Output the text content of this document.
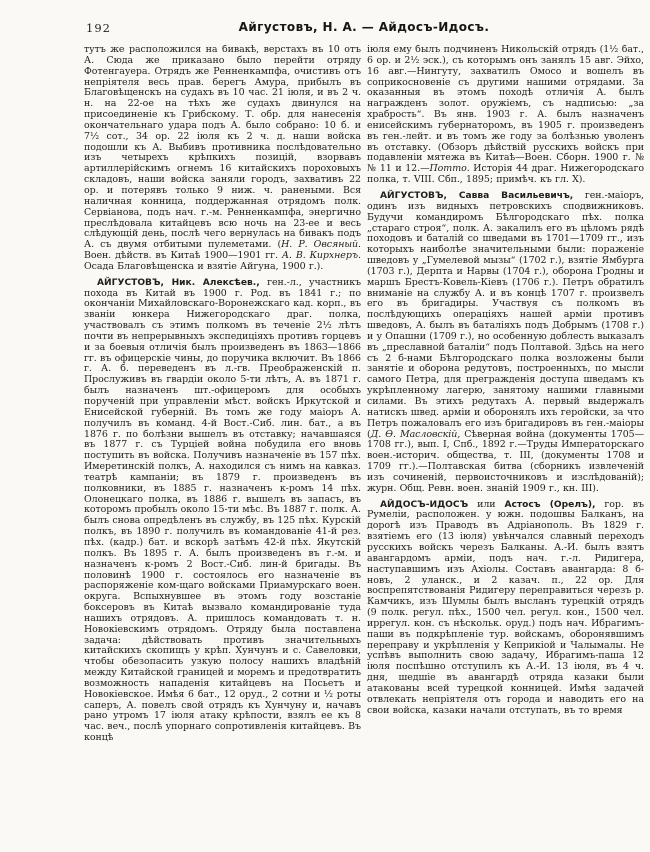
192	Айгустовъ, Н. А. — Айдосъ-Идосъ.

тутъ же расположился на бивакѣ, верстахъ въ 10 отъ А. Сюда же приказано было перейти отряду Фотенгауера. Отрядъ же Ренненкампфа, очистивъ отъ непріятеля весь прав. берегъ Амура, прибылъ въ Благовѣщенскъ на судахъ въ 10 час. 21 іюля, и въ 2 ч. н. на 22-ое на тѣхъ же судахъ двинулся на присоединеніе къ Грибскому. Т. обр. для нанесенія окончательнаго удара подъ А. было собрано: 10 б. и 7½ сот., 34 ор. 22 іюля къ 2 ч. д. наши войска подошли къ А. Выбивъ противника послѣдовательно изъ четырехъ крѣпкихъ позицій, взорвавъ артиллерійскимъ огнемъ 16 китайскихъ пороховыхъ складовъ, наши войска заняли городъ, захвативъ 22 ор. и потерявъ только 9 ниж. ч. ранеными. Вся наличная конница, поддержанная отрядомъ полк. Сервіанова, подъ нач. г.-м. Ренненкампфа, энергично преслѣдовала китайцевъ всю ночь на 23-ее и весь слѣдующій день, послѣ чего вернулась на бивакъ подъ А. съ двумя отбитыми пулеметами. (Н. Р. Овсяный. Воен. дѣйств. въ Китаѣ 1900—1901 гг. А. В. Кирхнеръ. Осада Благовѣщенска и взятіе Айгуна, 1900 г.).

АЙГУСТОВЪ, Ник. Алексѣев., ген.-л., участникъ похода въ Китай въ 1900 г. Род. въ 1841 г.; по окончаніи Михайловскаго-Воронежскаго кад. корп., въ званіи юнкера Нижегородскаго драг. полка, участвовалъ съ этимъ полкомъ въ теченіе 2½ лѣтъ почти въ непрерывныхъ экспедиціяхъ противъ горцевъ и за боевыя отличія былъ произведенъ въ 1863—1866 гг. въ офицерскіе чины, до поручика включит. Въ 1866 г. А. б. переведенъ въ л.-гв. Преображенскій п. Прослуживъ въ гвардіи около 5-ти лѣтъ, А. въ 1871 г. былъ назначенъ шт.-офицеромъ для особыхъ порученій при управленіи мѣст. войскъ Иркутской и Енисейской губерній. Въ томъ же году маіоръ А. получилъ въ команд. 4-й Вост.-Сиб. лин. бат., а въ 1876 г. по болѣзни вышелъ въ отставку; начавшаяся въ 1877 г. съ Турціей война побудила его вновь поступить въ войска. Получивъ назначеніе въ 157 пѣх. Имеретинскій полкъ, А. находился съ нимъ на кавказ. театрѣ кампаніи; въ 1879 г. произведенъ въ полковники, въ 1885 г. назначенъ к-ромъ 14 пѣх. Олонецкаго полка, въ 1886 г. вышелъ въ запасъ, въ которомъ пробылъ около 15-ти мѣс. Въ 1887 г. полк. А. былъ снова опредѣленъ въ службу, въ 125 пѣх. Курскій полкъ, въ 1890 г. получилъ въ командованіе 41-й рез. пѣх. (кадр.) бат. и вскорѣ затѣмъ 42-й пѣх. Якутскій полкъ. Въ 1895 г. А. былъ произведенъ въ г.-м. и назначенъ к-ромъ 2 Вост.-Сиб. лин-й бригады. Въ половинѣ 1900 г. состоялось его назначеніе въ распоряженіе ком-щаго войсками Приамурскаго воен. округа. Вспыхнувшее въ этомъ году возстаніе боксеровъ въ Китаѣ вызвало командированіе туда нашихъ отрядовъ. А. пришлось командовать т. н. Новокіевскимъ отрядомъ. Отряду была поставлена задача: дѣйствовать противъ значительныхъ китайскихъ скопищъ у крѣп. Хунчунъ и с. Савеловки, чтобы обезопасить узкую полосу нашихъ владѣній между Китайской границей и моремъ и предотвратить возможность нападенія китайцевъ на Посьетъ и Новокіевское. Имѣя 6 бат., 12 оруд., 2 сотни и ½ роты саперъ, А. повелъ свой отрядъ къ Хунчуну и, начавъ рано утромъ 17 іюля атаку крѣпости, взялъ ее къ 8 час. веч., послѣ упорнаго сопротивленія китайцевъ. Въ концѣ

іюля ему былъ подчиненъ Никольскій отрядъ (1½ бат., 6 ор. и 2½ эск.), съ которымъ онъ занялъ 15 авг. Эйхо, 16 авг.—Нингуту, захватилъ Омосо и вошелъ въ соприкосновеніе съ другими нашими отрядами. За оказанныя въ этомъ походѣ отличія А. былъ награжденъ золот. оружіемъ, съ надписью: „за храбрость“. Въ янв. 1903 г. А. былъ назначенъ енисейскимъ губернаторомъ, въ 1905 г. произведенъ въ ген.-лейт. и въ томъ же году за болѣзнью уволенъ въ отставку. (Обзоръ дѣйствій русскихъ войскъ при подавленіи мятежа въ Китаѣ—Воен. Сборн. 1900 г. №№ 11 и 12.—Потто. Исторія 44 драг. Нижегородскаго полка, т. VIII. Сбп., 1895; примѣч. къ гл. X).

АЙГУСТОВЪ, Савва Васильевичъ, ген.-маіоръ, одинъ изъ видныхъ петровскихъ сподвижниковъ. Будучи командиромъ Бѣлгородскаго пѣх. полка „стараго строя“, полк. А. закалилъ его въ цѣломъ рядѣ походовъ и баталій со шведами въ 1701—1709 гг., изъ которыхъ наиболѣе значительными были: пораженіе шведовъ у „Гумелевой мызы“ (1702 г.), взятіе Ямбурга (1703 г.), Дерпта и Нарвы (1704 г.), оборона Гродны и маршъ Брестъ-Ковель-Кіевъ (1706 г.). Петръ обратилъ вниманіе на службу А. и въ концѣ 1707 г. произвелъ его въ бригадиры. Участвуя съ полкомъ въ послѣдующихъ операціяхъ нашей арміи противъ шведовъ, А. былъ въ баталіяхъ подъ Добрымъ (1708 г.) и у Опашни (1709 г.), но особенную доблесть выказалъ въ „преславной баталіи“ подъ Полтавой. Здѣсь на него съ 2 б-нами Бѣлгородскаго полка возложены были занятіе и оборона редутовъ, построенныхъ, по мысли самого Петра, для прегражденія доступа шведамъ къ укрѣпленному лагерю, занятому нашими главными силами. Въ этихъ редутахъ А. первый выдержалъ натискъ швед. арміи и оборонялъ ихъ геройски, за что Петръ пожаловалъ его изъ бригадировъ въ ген.-маіоры (Д. Ѳ. Масловскій, Сѣверная война (документы 1705—1708 гг.), вып. I, Спб., 1892 г.—Труды Императорскаго воен.-историч. общества, т. III, (документы 1708 и 1709 гг.).—Полтавская битва (сборникъ извлеченій изъ сочиненій, первоисточниковъ и изслѣдованій); журн. Общ. Ревн. воен. знаній 1909 г., кн. III).

АЙДОСЪ-ИДОСЪ или Астосъ (Орелъ), гор. въ Румеліи, расположен. у южн. подошвы Балканъ, на дорогѣ изъ Праводъ въ Адріанополь. Въ 1829 г. взятіемъ его (13 іюля) увѣнчался славный переходъ русскихъ войскъ черезъ Балканы. А.-И. былъ взятъ авангардомъ арміи, подъ нач. г.-л. Ридигера, наступавшимъ изъ Ахіолы. Составъ авангарда: 8 б-новъ, 2 уланск., и 2 казач. п., 22 ор. Для воспрепятствованія Ридигеру переправиться черезъ р. Камчикъ, изъ Шумлы былъ высланъ турецкій отрядъ (9 полк. регул. пѣх., 1500 чел. регул. кон., 1500 чел. иррегул. кон. съ нѣскольк. оруд.) подъ нач. Ибрагимъ-паши въ подкрѣпленіе тур. войскамъ, оборонявшимъ переправу и укрѣпленія у Кеприкіой и Чалымалы. Не успѣвъ выполнить свою задачу, Ибрагимъ-паша 12 іюля поспѣшно отступилъ къ А.-И. 13 іюля, въ 4 ч. дня, шедшіе въ авангардѣ отряда казаки были атакованы всей турецкой конницей. Имѣя задачей отвлекать непріятеля отъ города и наводить его на свои войска, казаки начали отступать, въ то время
